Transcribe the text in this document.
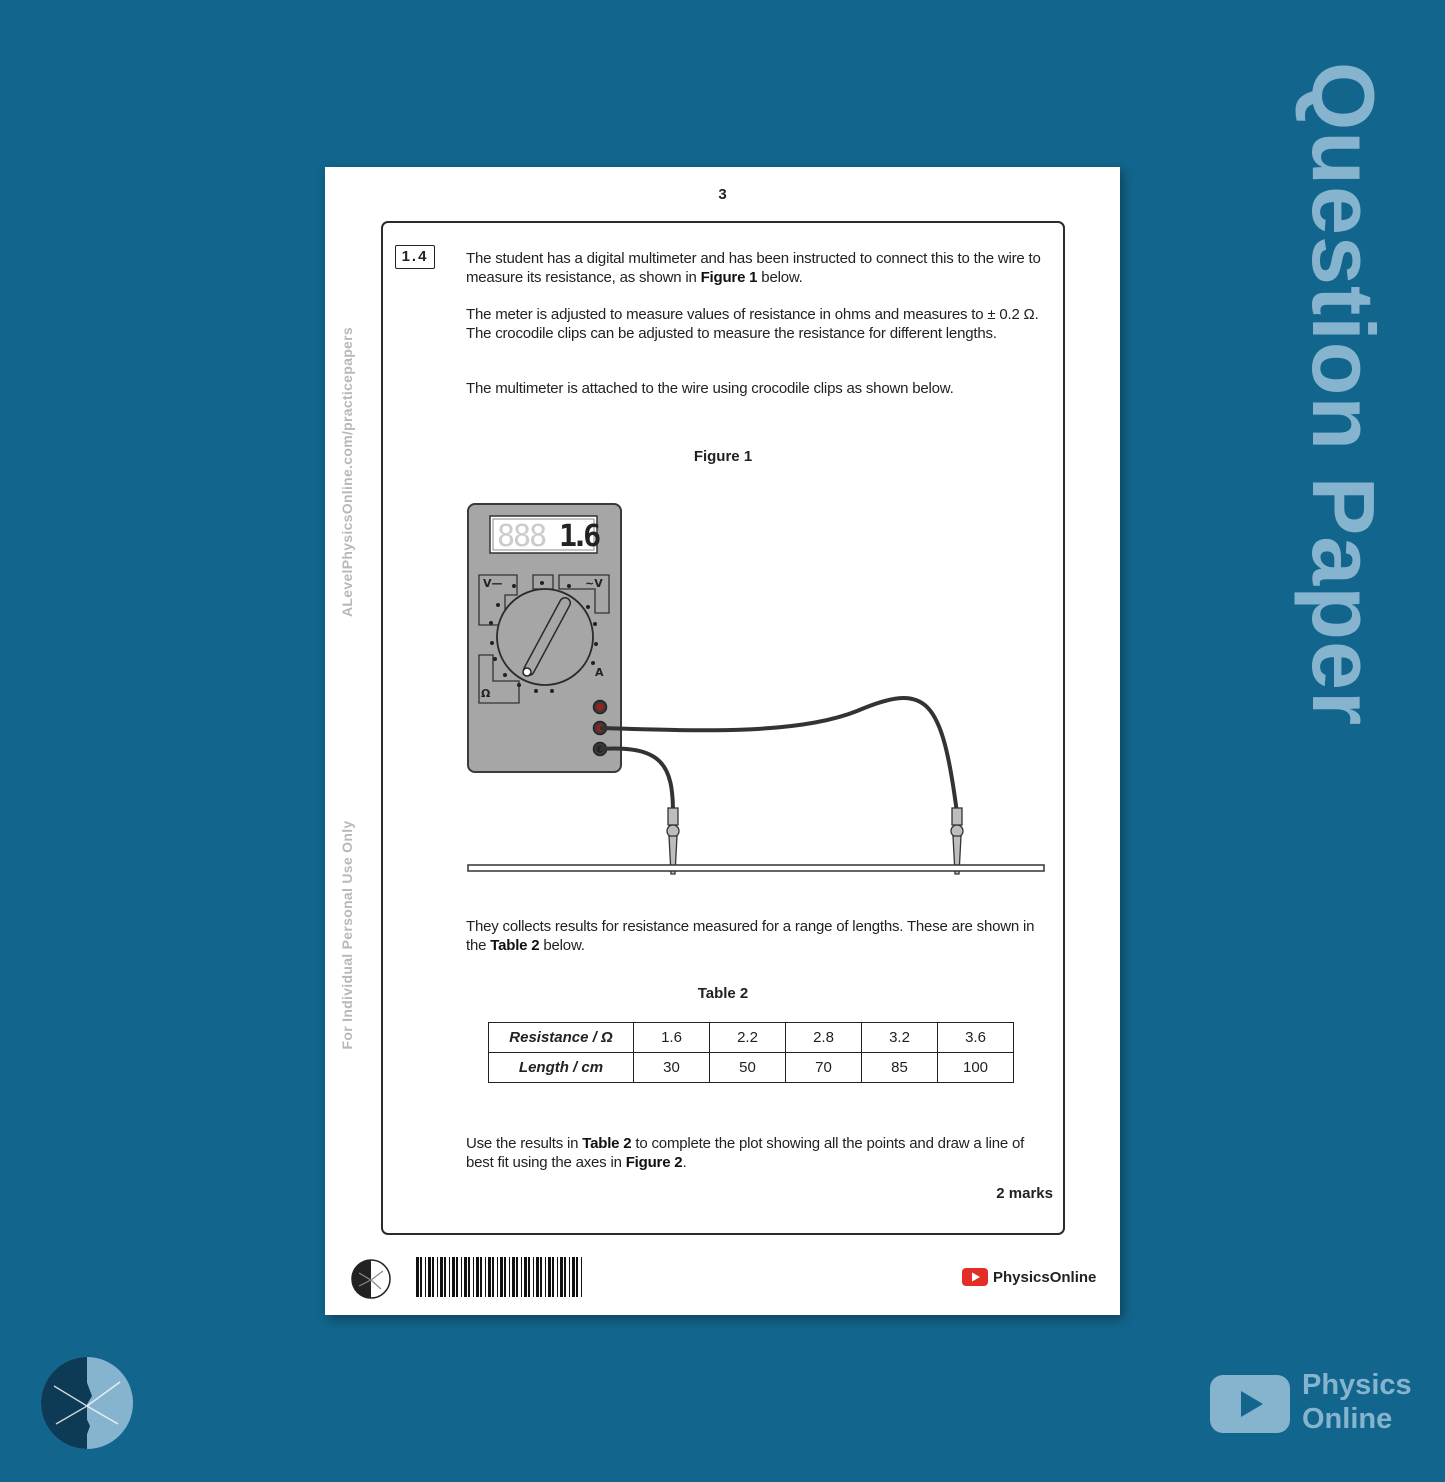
Question Paper
3
ALevelPhysicsOnline.com/practicepapers
For Individual Personal Use Only
1.4	The student has a digital multimeter and has been instructed to connect this to the wire to measure its resistance, as shown in Figure 1 below.

The meter is adjusted to measure values of resistance in ohms and measures to ± 0.2 Ω. The crocodile clips can be adjusted to measure the resistance for different lengths.

The multimeter is attached to the wire using crocodile clips as shown below.

Figure 1
888 1.6
V—	~V
A
Ω

They collects results for resistance measured for a range of lengths. These are shown in the Table 2 below.

Table 2
Resistance / Ω	1.6	2.2	2.8	3.2	3.6
Length / cm	30	50	70	85	100

Use the results in Table 2 to complete the plot showing all the points and draw a line of best fit using the axes in Figure 2.

2 marks
PhysicsOnline
Physics
Online
